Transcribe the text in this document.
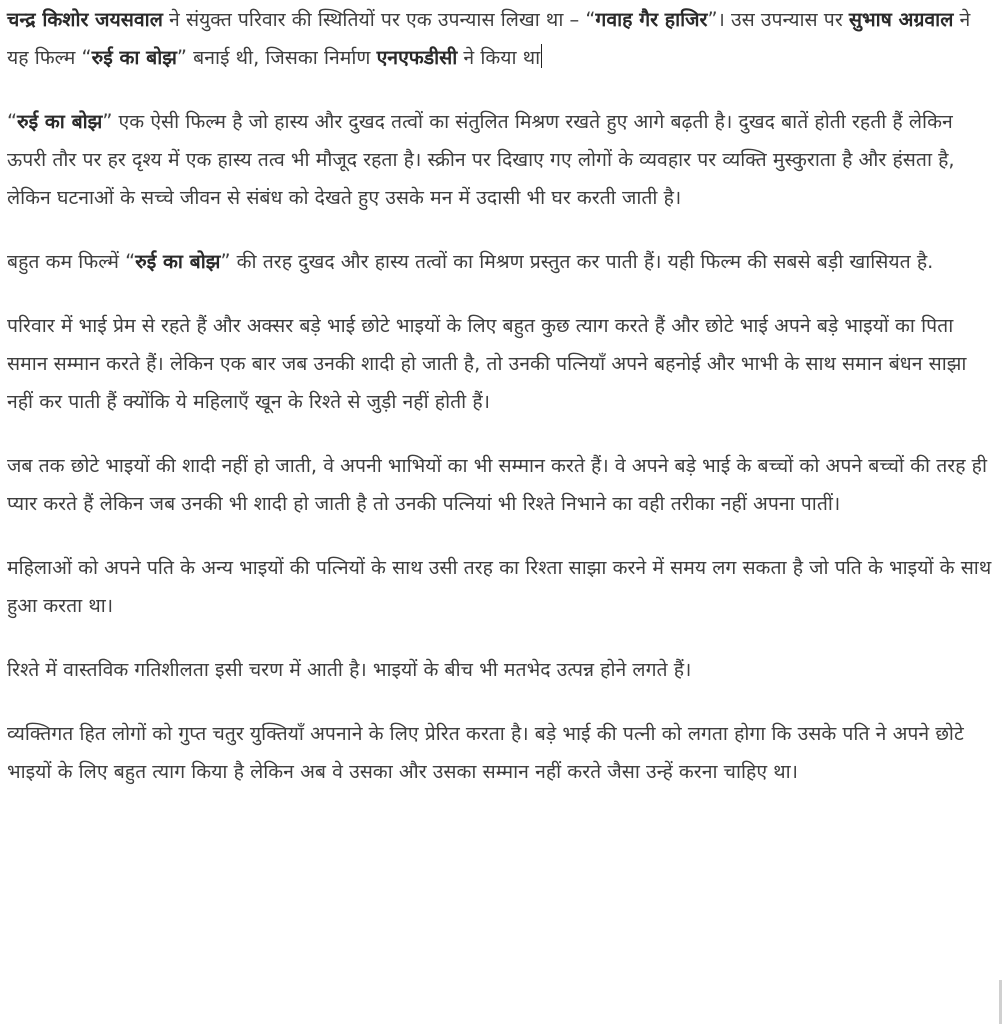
चन्द्र किशोर जयसवाल ने संयुक्त परिवार की स्थितियों पर एक उपन्यास लिखा था – “गवाह गैर हाजिर”। उस उपन्यास पर सुभाष अग्रवाल ने यह फिल्म “रुई का बोझ” बनाई थी, जिसका निर्माण एनएफडीसी ने किया था

“रुई का बोझ” एक ऐसी फिल्म है जो हास्य और दुखद तत्वों का संतुलित मिश्रण रखते हुए आगे बढ़ती है। दुखद बातें होती रहती हैं लेकिन ऊपरी तौर पर हर दृश्य में एक हास्य तत्व भी मौजूद रहता है। स्क्रीन पर दिखाए गए लोगों के व्यवहार पर व्यक्ति मुस्कुराता है और हंसता है, लेकिन घटनाओं के सच्चे जीवन से संबंध को देखते हुए उसके मन में उदासी भी घर करती जाती है।

बहुत कम फिल्में “रुई का बोझ” की तरह दुखद और हास्य तत्वों का मिश्रण प्रस्तुत कर पाती हैं। यही फिल्म की सबसे बड़ी खासियत है.

परिवार में भाई प्रेम से रहते हैं और अक्सर बड़े भाई छोटे भाइयों के लिए बहुत कुछ त्याग करते हैं और छोटे भाई अपने बड़े भाइयों का पिता समान सम्मान करते हैं। लेकिन एक बार जब उनकी शादी हो जाती है, तो उनकी पत्नियाँ अपने बहनोई और भाभी के साथ समान बंधन साझा नहीं कर पाती हैं क्योंकि ये महिलाएँ खून के रिश्ते से जुड़ी नहीं होती हैं।

जब तक छोटे भाइयों की शादी नहीं हो जाती, वे अपनी भाभियों का भी सम्मान करते हैं। वे अपने बड़े भाई के बच्चों को अपने बच्चों की तरह ही प्यार करते हैं लेकिन जब उनकी भी शादी हो जाती है तो उनकी पत्नियां भी रिश्ते निभाने का वही तरीका नहीं अपना पातीं।

महिलाओं को अपने पति के अन्य भाइयों की पत्नियों के साथ उसी तरह का रिश्ता साझा करने में समय लग सकता है जो पति के भाइयों के साथ हुआ करता था।

रिश्ते में वास्तविक गतिशीलता इसी चरण में आती है। भाइयों के बीच भी मतभेद उत्पन्न होने लगते हैं।

व्यक्तिगत हित लोगों को गुप्त चतुर युक्तियाँ अपनाने के लिए प्रेरित करता है। बड़े भाई की पत्नी को लगता होगा कि उसके पति ने अपने छोटे भाइयों के लिए बहुत त्याग किया है लेकिन अब वे उसका और उसका सम्मान नहीं करते जैसा उन्हें करना चाहिए था।
